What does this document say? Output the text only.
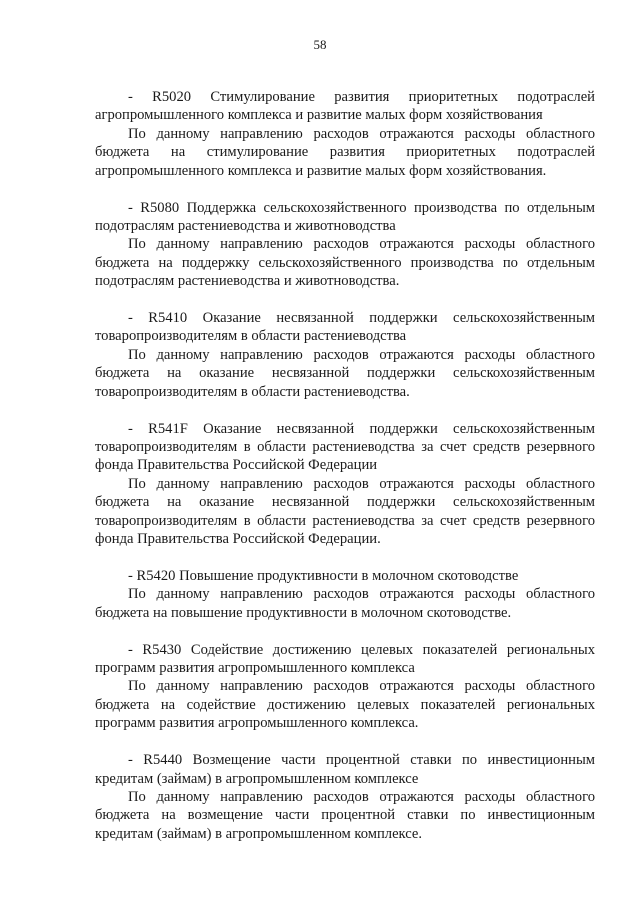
58

- R5020 Стимулирование развития приоритетных подотраслей агропромышленного комплекса и развитие малых форм хозяйствования

По данному направлению расходов отражаются расходы областного бюджета на стимулирование развития приоритетных подотраслей агропромышленного комплекса и развитие малых форм хозяйствования.

- R5080 Поддержка сельскохозяйственного производства по отдельным подотраслям растениеводства и животноводства

По данному направлению расходов отражаются расходы областного бюджета на поддержку сельскохозяйственного производства по отдельным подотраслям растениеводства и животноводства.

- R5410 Оказание несвязанной поддержки сельскохозяйственным товаропроизводителям в области растениеводства

По данному направлению расходов отражаются расходы областного бюджета на оказание несвязанной поддержки сельскохозяйственным товаропроизводителям в области растениеводства.

- R541F Оказание несвязанной поддержки сельскохозяйственным товаропроизводителям в области растениеводства за счет средств резервного фонда Правительства Российской Федерации

По данному направлению расходов отражаются расходы областного бюджета на оказание несвязанной поддержки сельскохозяйственным товаропроизводителям в области растениеводства за счет средств резервного фонда Правительства Российской Федерации.

- R5420 Повышение продуктивности в молочном скотоводстве

По данному направлению расходов отражаются расходы областного бюджета на повышение продуктивности в молочном скотоводстве.

- R5430 Содействие достижению целевых показателей региональных программ развития агропромышленного комплекса

По данному направлению расходов отражаются расходы областного бюджета на содействие достижению целевых показателей региональных программ развития агропромышленного комплекса.

- R5440 Возмещение части процентной ставки по инвестиционным кредитам (займам) в агропромышленном комплексе

По данному направлению расходов отражаются расходы областного бюджета на возмещение части процентной ставки по инвестиционным кредитам (займам) в агропромышленном комплексе.
